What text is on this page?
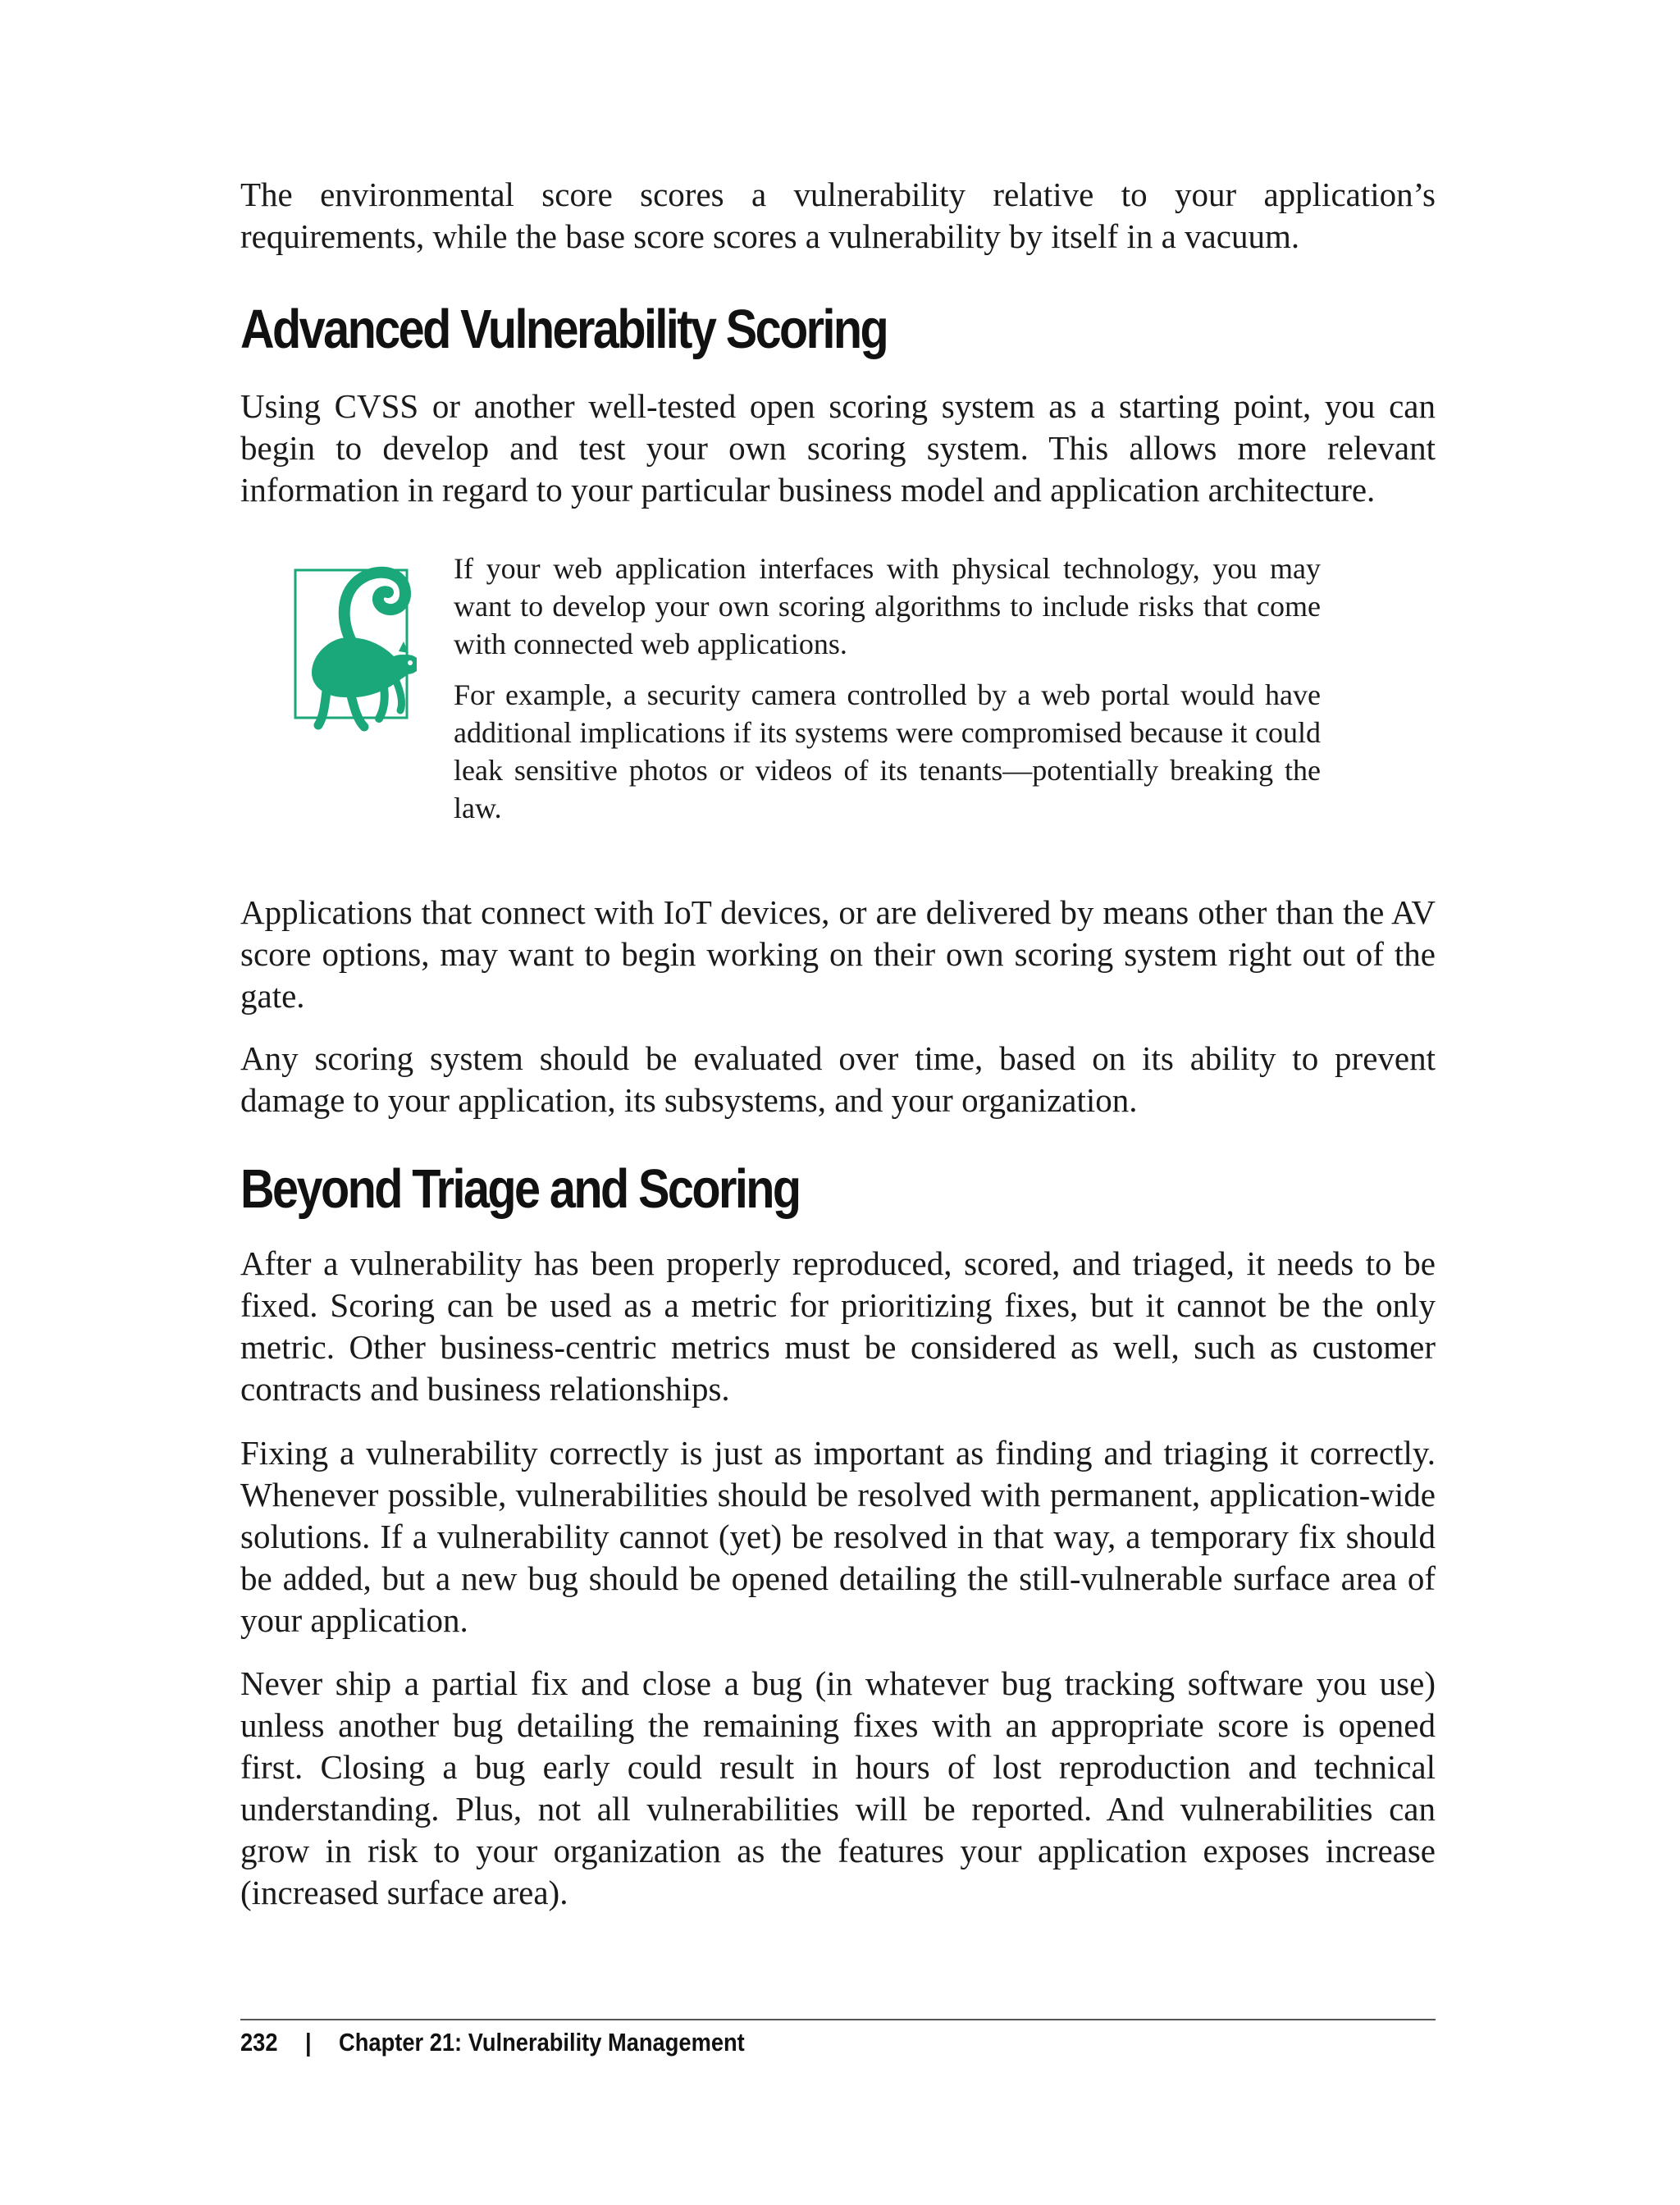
The environmental score scores a vulnerability relative to your application’s requirements, while the base score scores a vulnerability by itself in a vacuum.

Advanced Vulnerability Scoring

Using CVSS or another well-tested open scoring system as a starting point, you can begin to develop and test your own scoring system. This allows more relevant information in regard to your particular business model and application architecture.

If your web application interfaces with physical technology, you may want to develop your own scoring algorithms to include risks that come with connected web applications.

For example, a security camera controlled by a web portal would have additional implications if its systems were compromised because it could leak sensitive photos or videos of its tenants—potentially breaking the law.

Applications that connect with IoT devices, or are delivered by means other than the AV score options, may want to begin working on their own scoring system right out of the gate.

Any scoring system should be evaluated over time, based on its ability to prevent damage to your application, its subsystems, and your organization.

Beyond Triage and Scoring

After a vulnerability has been properly reproduced, scored, and triaged, it needs to be fixed. Scoring can be used as a metric for prioritizing fixes, but it cannot be the only metric. Other business-centric metrics must be considered as well, such as customer contracts and business relationships.

Fixing a vulnerability correctly is just as important as finding and triaging it correctly. Whenever possible, vulnerabilities should be resolved with permanent, application-wide solutions. If a vulnerability cannot (yet) be resolved in that way, a temporary fix should be added, but a new bug should be opened detailing the still-vulnerable surface area of your application.

Never ship a partial fix and close a bug (in whatever bug tracking software you use) unless another bug detailing the remaining fixes with an appropriate score is opened first. Closing a bug early could result in hours of lost reproduction and technical understanding. Plus, not all vulnerabilities will be reported. And vulnerabilities can grow in risk to your organization as the features your application exposes increase (increased surface area).

232 | Chapter 21: Vulnerability Management
